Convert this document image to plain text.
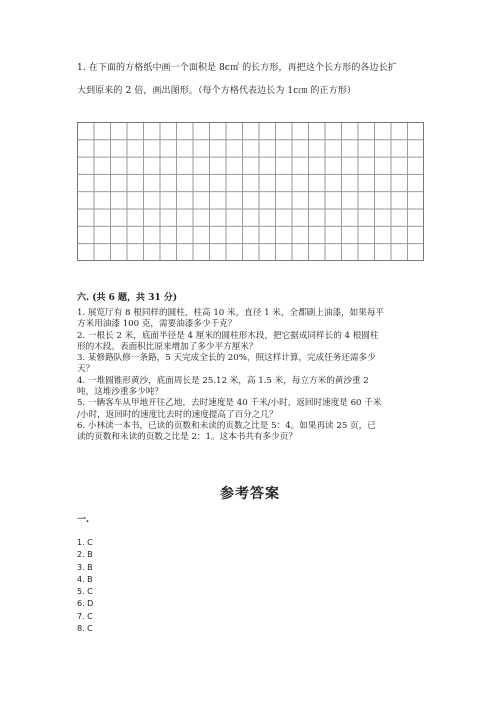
1. 在下面的方格纸中画一个面积是 8c㎡ 的长方形，再把这个长方形的各边长扩
大到原来的 2 倍，画出图形。（每个方格代表边长为 1c㎝ 的正方形）
六. (共 6 题，共 31 分)
1. 展览厅有 8 根同样的圆柱，柱高 10 米，直径 1 米，全都刷上油漆，如果每平
方米用油漆 100 克，需要油漆多少千克？
2. 一根长 2 米，底面半径是 4 厘米的圆柱形木段，把它据成同样长的 4 根圆柱
形的木段。表面积比原来增加了多少平方厘米？
3. 某修路队修一条路，5 天完成全长的 20%，照这样计算，完成任务还需多少
天？
4. 一堆圆锥形黄沙，底面周长是 25.12 米，高 1.5 米，每立方米的黄沙重 2
吨，这堆沙重多少吨？
5. 一辆客车从甲地开往乙地，去时速度是 40 千米/小时，返回时速度是 60 千米
/小时，返回时的速度比去时的速度提高了百分之几？
6. 小林读一本书，已读的页数和未读的页数之比是 5：4。如果再读 25 页，已
读的页数和未读的页数之比是 2：1。这本书共有多少页？
参考答案
一.
1. C
2. B
3. B
4. B
5. C
6. D
7. C
8. C
